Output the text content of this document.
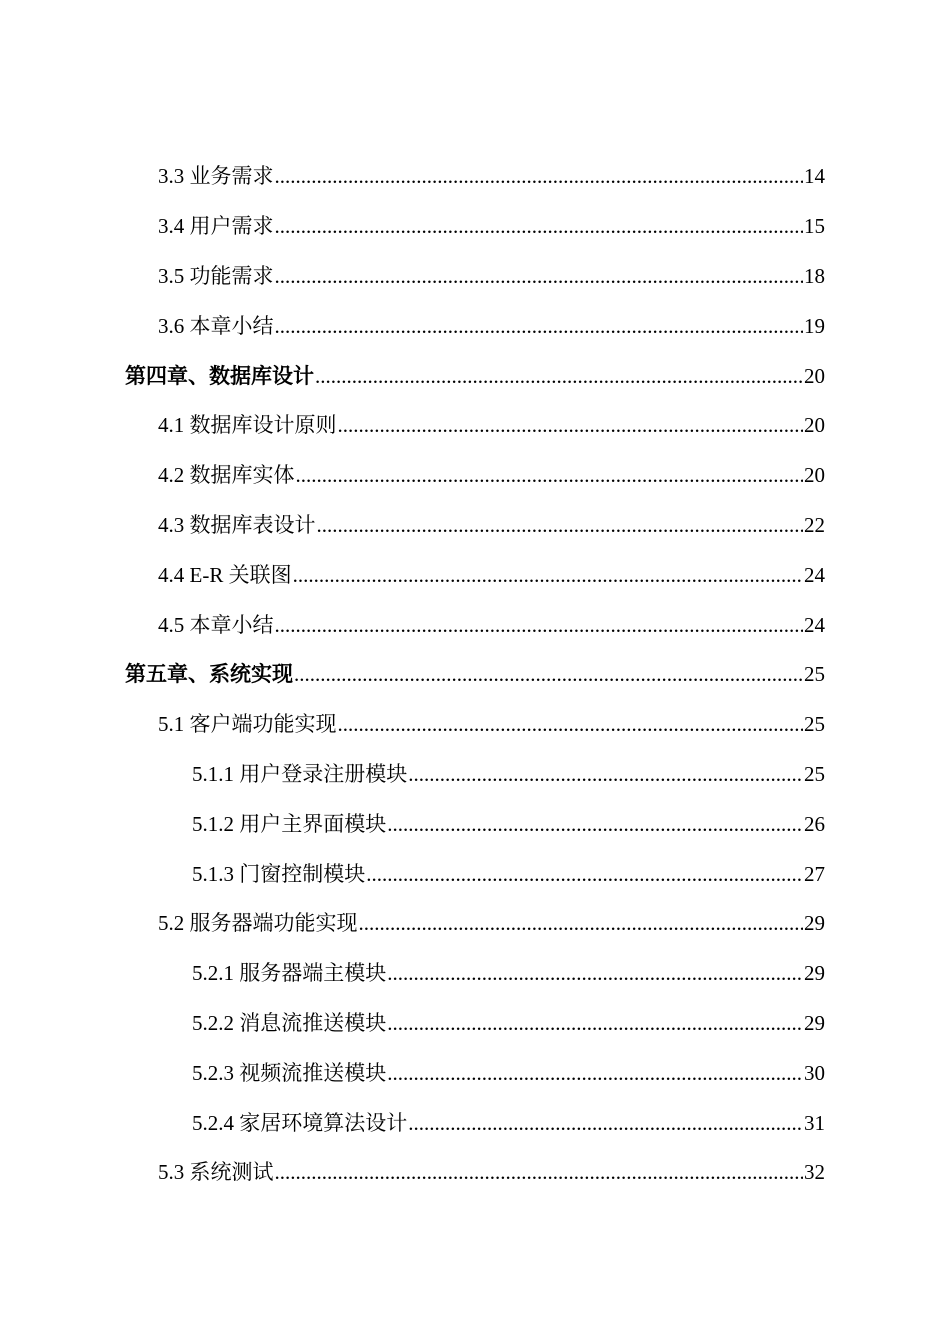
3.3 业务需求 .....	14
3.4 用户需求 .....	15
3.5 功能需求 .....	18
3.6 本章小结 .....	19
第四章、数据库设计 .....	20
4.1 数据库设计原则 .....	20
4.2 数据库实体 .....	20
4.3 数据库表设计 .....	22
4.4 E-R 关联图 .....	24
4.5 本章小结 .....	24
第五章、系统实现 .....	25
5.1 客户端功能实现 .....	25
5.1.1 用户登录注册模块 .....	25
5.1.2 用户主界面模块 .....	26
5.1.3 门窗控制模块 .....	27
5.2 服务器端功能实现 .....	29
5.2.1 服务器端主模块 .....	29
5.2.2 消息流推送模块 .....	29
5.2.3 视频流推送模块 .....	30
5.2.4 家居环境算法设计 .....	31
5.3 系统测试 .....	32
